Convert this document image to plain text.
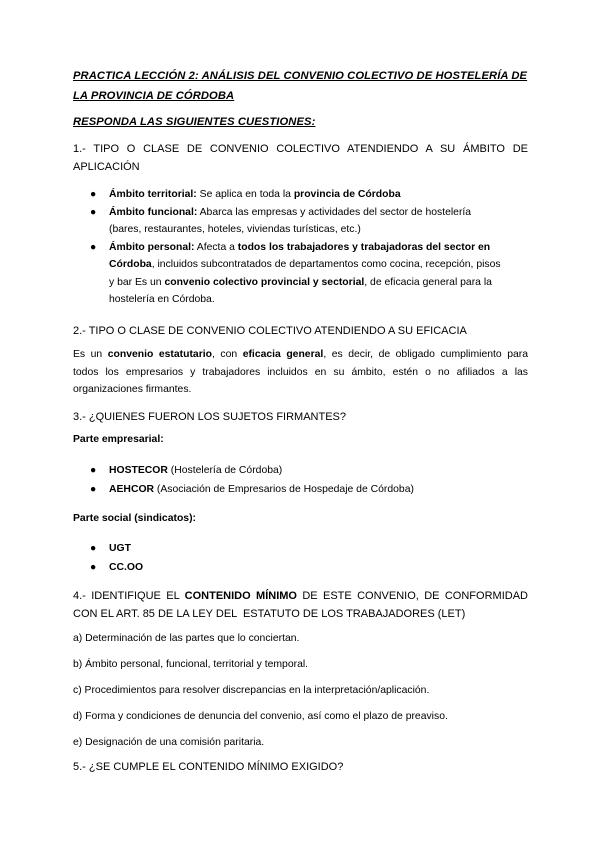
PRACTICA LECCIÓN 2: ANÁLISIS DEL CONVENIO COLECTIVO DE HOSTELERÍA DE
LA PROVINCIA DE CÓRDOBA
RESPONDA LAS SIGUIENTES CUESTIONES:
1.- TIPO O CLASE DE CONVENIO COLECTIVO ATENDIENDO A SU ÁMBITO DE
APLICACIÓN
● Ámbito territorial: Se aplica en toda la provincia de Córdoba
● Ámbito funcional: Abarca las empresas y actividades del sector de hostelería
(bares, restaurantes, hoteles, viviendas turísticas, etc.)
● Ámbito personal: Afecta a todos los trabajadores y trabajadoras del sector en
Córdoba, incluidos subcontratados de departamentos como cocina, recepción, pisos
y bar Es un convenio colectivo provincial y sectorial, de eficacia general para la
hostelería en Córdoba.
2.- TIPO O CLASE DE CONVENIO COLECTIVO ATENDIENDO A SU EFICACIA
Es un convenio estatutario, con eficacia general, es decir, de obligado cumplimiento para
todos los empresarios y trabajadores incluidos en su ámbito, estén o no afiliados a las
organizaciones firmantes.
3.- ¿QUIENES FUERON LOS SUJETOS FIRMANTES?
Parte empresarial:
● HOSTECOR (Hostelería de Córdoba)
● AEHCOR (Asociación de Empresarios de Hospedaje de Córdoba)
Parte social (sindicatos):
● UGT
● CC.OO
4.- IDENTIFIQUE EL CONTENIDO MÍNIMO DE ESTE CONVENIO, DE CONFORMIDAD
CON EL ART. 85 DE LA LEY DEL  ESTATUTO DE LOS TRABAJADORES (LET)
a) Determinación de las partes que lo conciertan.
b) Ámbito personal, funcional, territorial y temporal.
c) Procedimientos para resolver discrepancias en la interpretación/aplicación.
d) Forma y condiciones de denuncia del convenio, así como el plazo de preaviso.
e) Designación de una comisión paritaria.
5.- ¿SE CUMPLE EL CONTENIDO MÍNIMO EXIGIDO?
